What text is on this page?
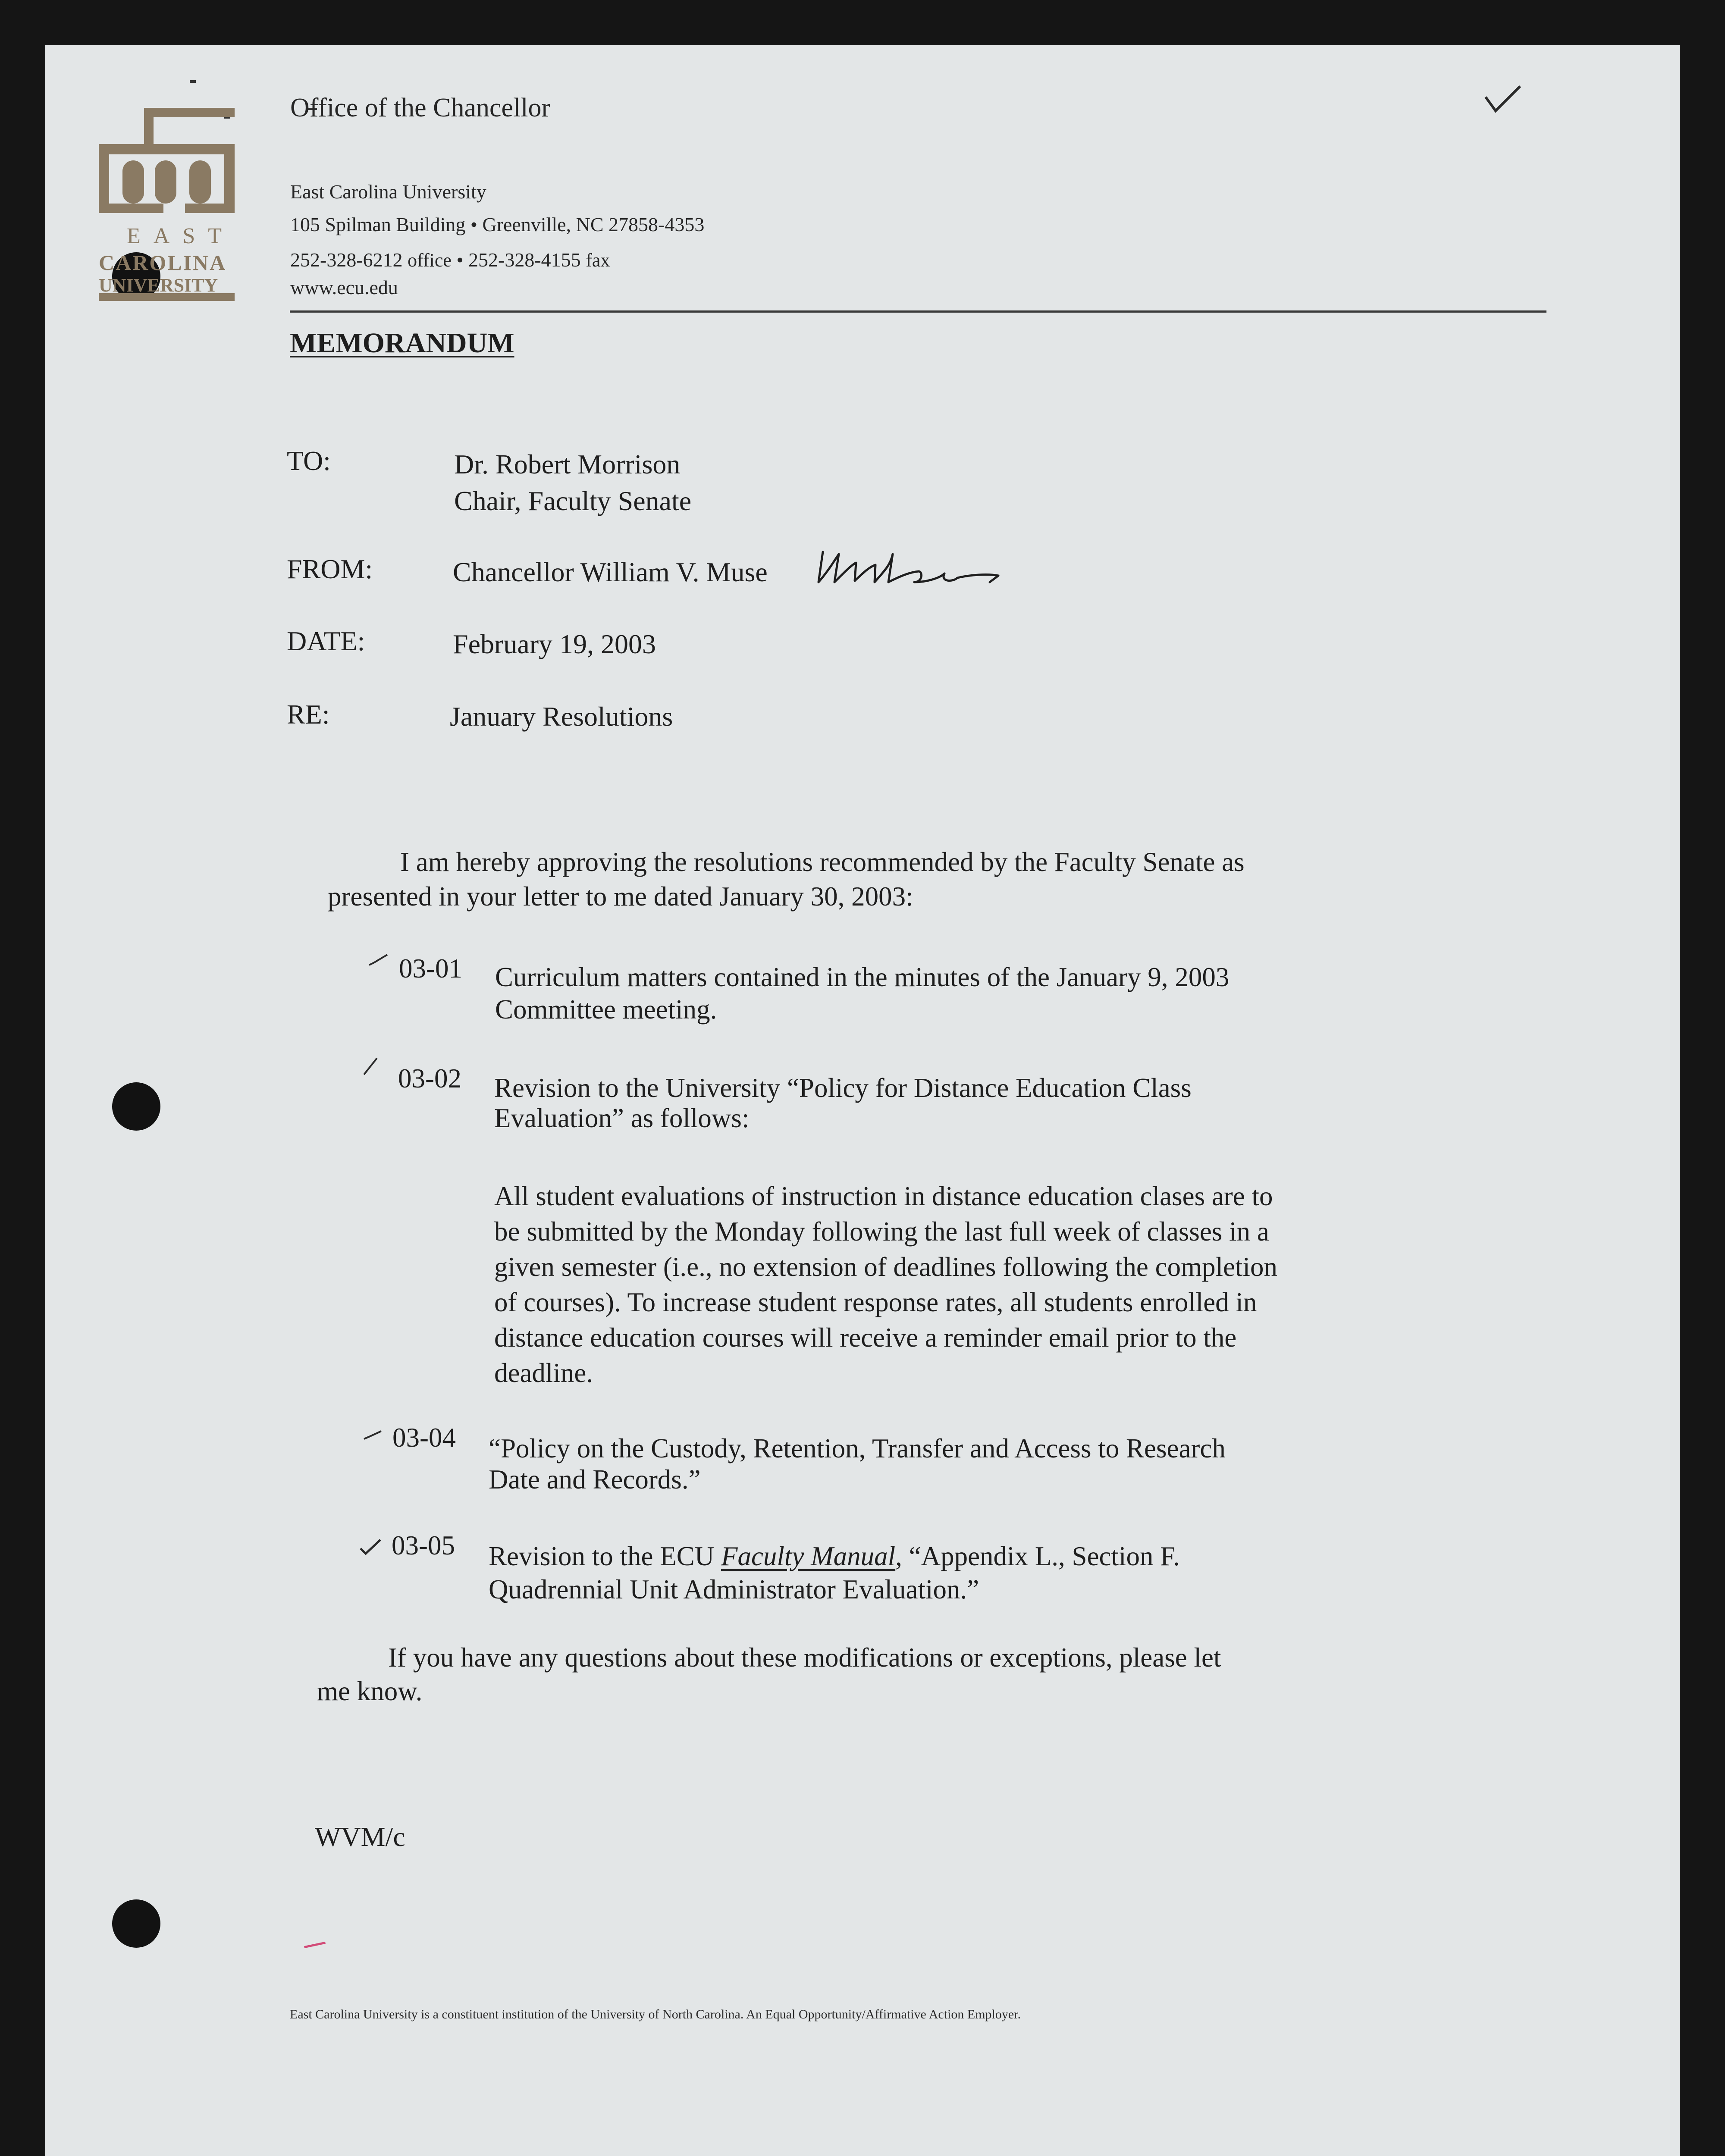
EAST
CAROLINA
UNIVERSITY
Office of the Chancellor
East Carolina University
105 Spilman Building • Greenville, NC 27858-4353
252-328-6212 office • 252-328-4155 fax
www.ecu.edu
MEMORANDUM
TO:	Dr. Robert Morrison
Chair, Faculty Senate
FROM:	Chancellor William V. Muse
DATE:	February 19, 2003
RE:	January Resolutions
I am hereby approving the resolutions recommended by the Faculty Senate as
presented in your letter to me dated January 30, 2003:
03-01 Curriculum matters contained in the minutes of the January 9, 2003
Committee meeting.
03-02 Revision to the University “Policy for Distance Education Class
Evaluation” as follows:
All student evaluations of instruction in distance education clases are to
be submitted by the Monday following the last full week of classes in a
given semester (i.e., no extension of deadlines following the completion
of courses). To increase student response rates, all students enrolled in
distance education courses will receive a reminder email prior to the
deadline.
03-04 “Policy on the Custody, Retention, Transfer and Access to Research
Date and Records.”
03-05 Revision to the ECU Faculty Manual, “Appendix L., Section F.
Quadrennial Unit Administrator Evaluation.”
If you have any questions about these modifications or exceptions, please let
me know.
WVM/c
East Carolina University is a constituent institution of the University of North Carolina. An Equal Opportunity/Affirmative Action Employer.
